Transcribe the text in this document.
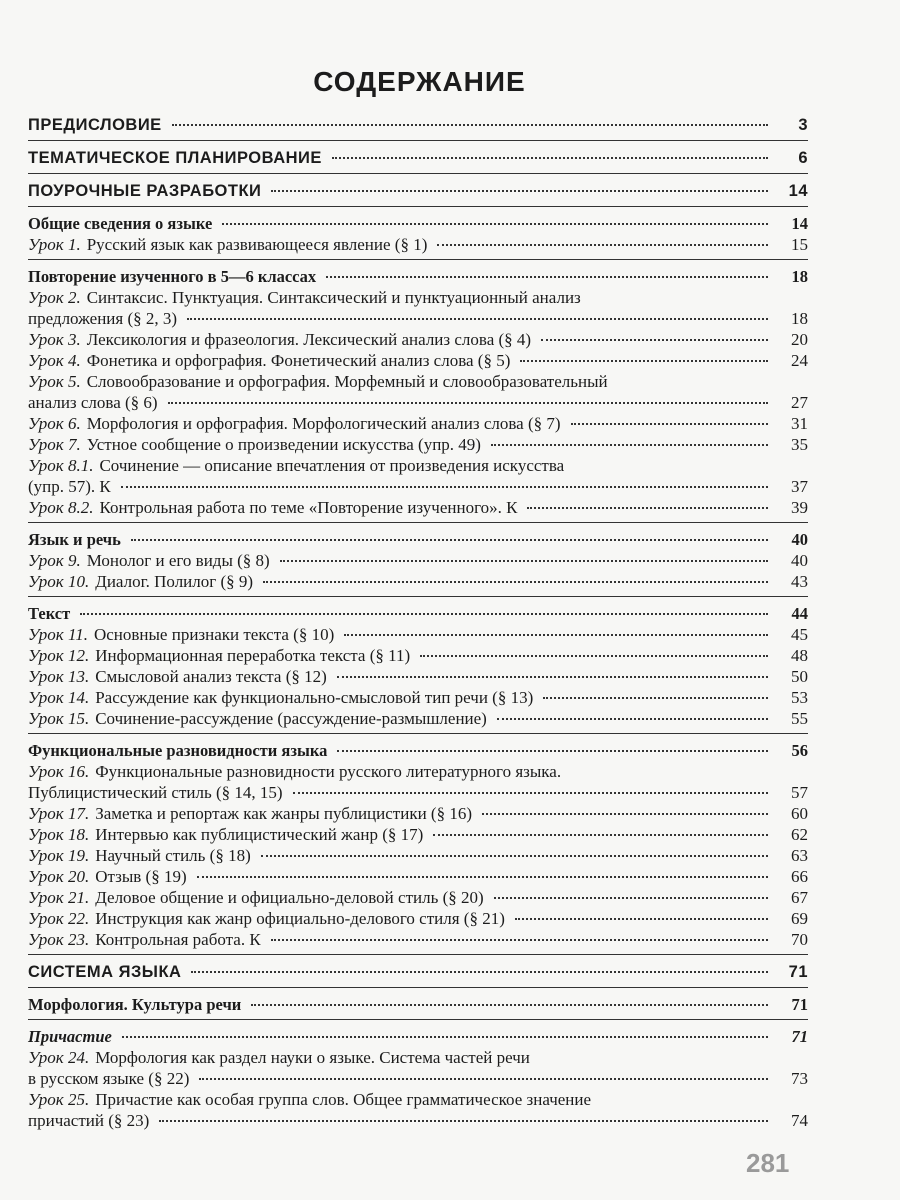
СОДЕРЖАНИЕ
ПРЕДИСЛОВИЕ	3
ТЕМАТИЧЕСКОЕ ПЛАНИРОВАНИЕ	6
ПОУРОЧНЫЕ РАЗРАБОТКИ	14
Общие сведения о языке	14
Урок 1. Русский язык как развивающееся явление (§ 1)	15
Повторение изученного в 5—6 классах	18
Урок 2. Синтаксис. Пунктуация. Синтаксический и пунктуационный анализ
предложения (§ 2, 3)	18
Урок 3. Лексикология и фразеология. Лексический анализ слова (§ 4)	20
Урок 4. Фонетика и орфография. Фонетический анализ слова (§ 5)	24
Урок 5. Словообразование и орфография. Морфемный и словообразовательный
анализ слова (§ 6)	27
Урок 6. Морфология и орфография. Морфологический анализ слова (§ 7)	31
Урок 7. Устное сообщение о произведении искусства (упр. 49)	35
Урок 8.1. Сочинение — описание впечатления от произведения искусства
(упр. 57). К	37
Урок 8.2. Контрольная работа по теме «Повторение изученного». К	39
Язык и речь	40
Урок 9. Монолог и его виды (§ 8)	40
Урок 10. Диалог. Полилог (§ 9)	43
Текст	44
Урок 11. Основные признаки текста (§ 10)	45
Урок 12. Информационная переработка текста (§ 11)	48
Урок 13. Смысловой анализ текста (§ 12)	50
Урок 14. Рассуждение как функционально-смысловой тип речи (§ 13)	53
Урок 15. Сочинение-рассуждение (рассуждение-размышление)	55
Функциональные разновидности языка	56
Урок 16. Функциональные разновидности русского литературного языка.
Публицистический стиль (§ 14, 15)	57
Урок 17. Заметка и репортаж как жанры публицистики (§ 16)	60
Урок 18. Интервью как публицистический жанр (§ 17)	62
Урок 19. Научный стиль (§ 18)	63
Урок 20. Отзыв (§ 19)	66
Урок 21. Деловое общение и официально-деловой стиль (§ 20)	67
Урок 22. Инструкция как жанр официально-делового стиля (§ 21)	69
Урок 23. Контрольная работа. К	70
СИСТЕМА ЯЗЫКА	71
Морфология. Культура речи	71
Причастие	71
Урок 24. Морфология как раздел науки о языке. Система частей речи
в русском языке (§ 22)	73
Урок 25. Причастие как особая группа слов. Общее грамматическое значение
причастий (§ 23)	74
281
